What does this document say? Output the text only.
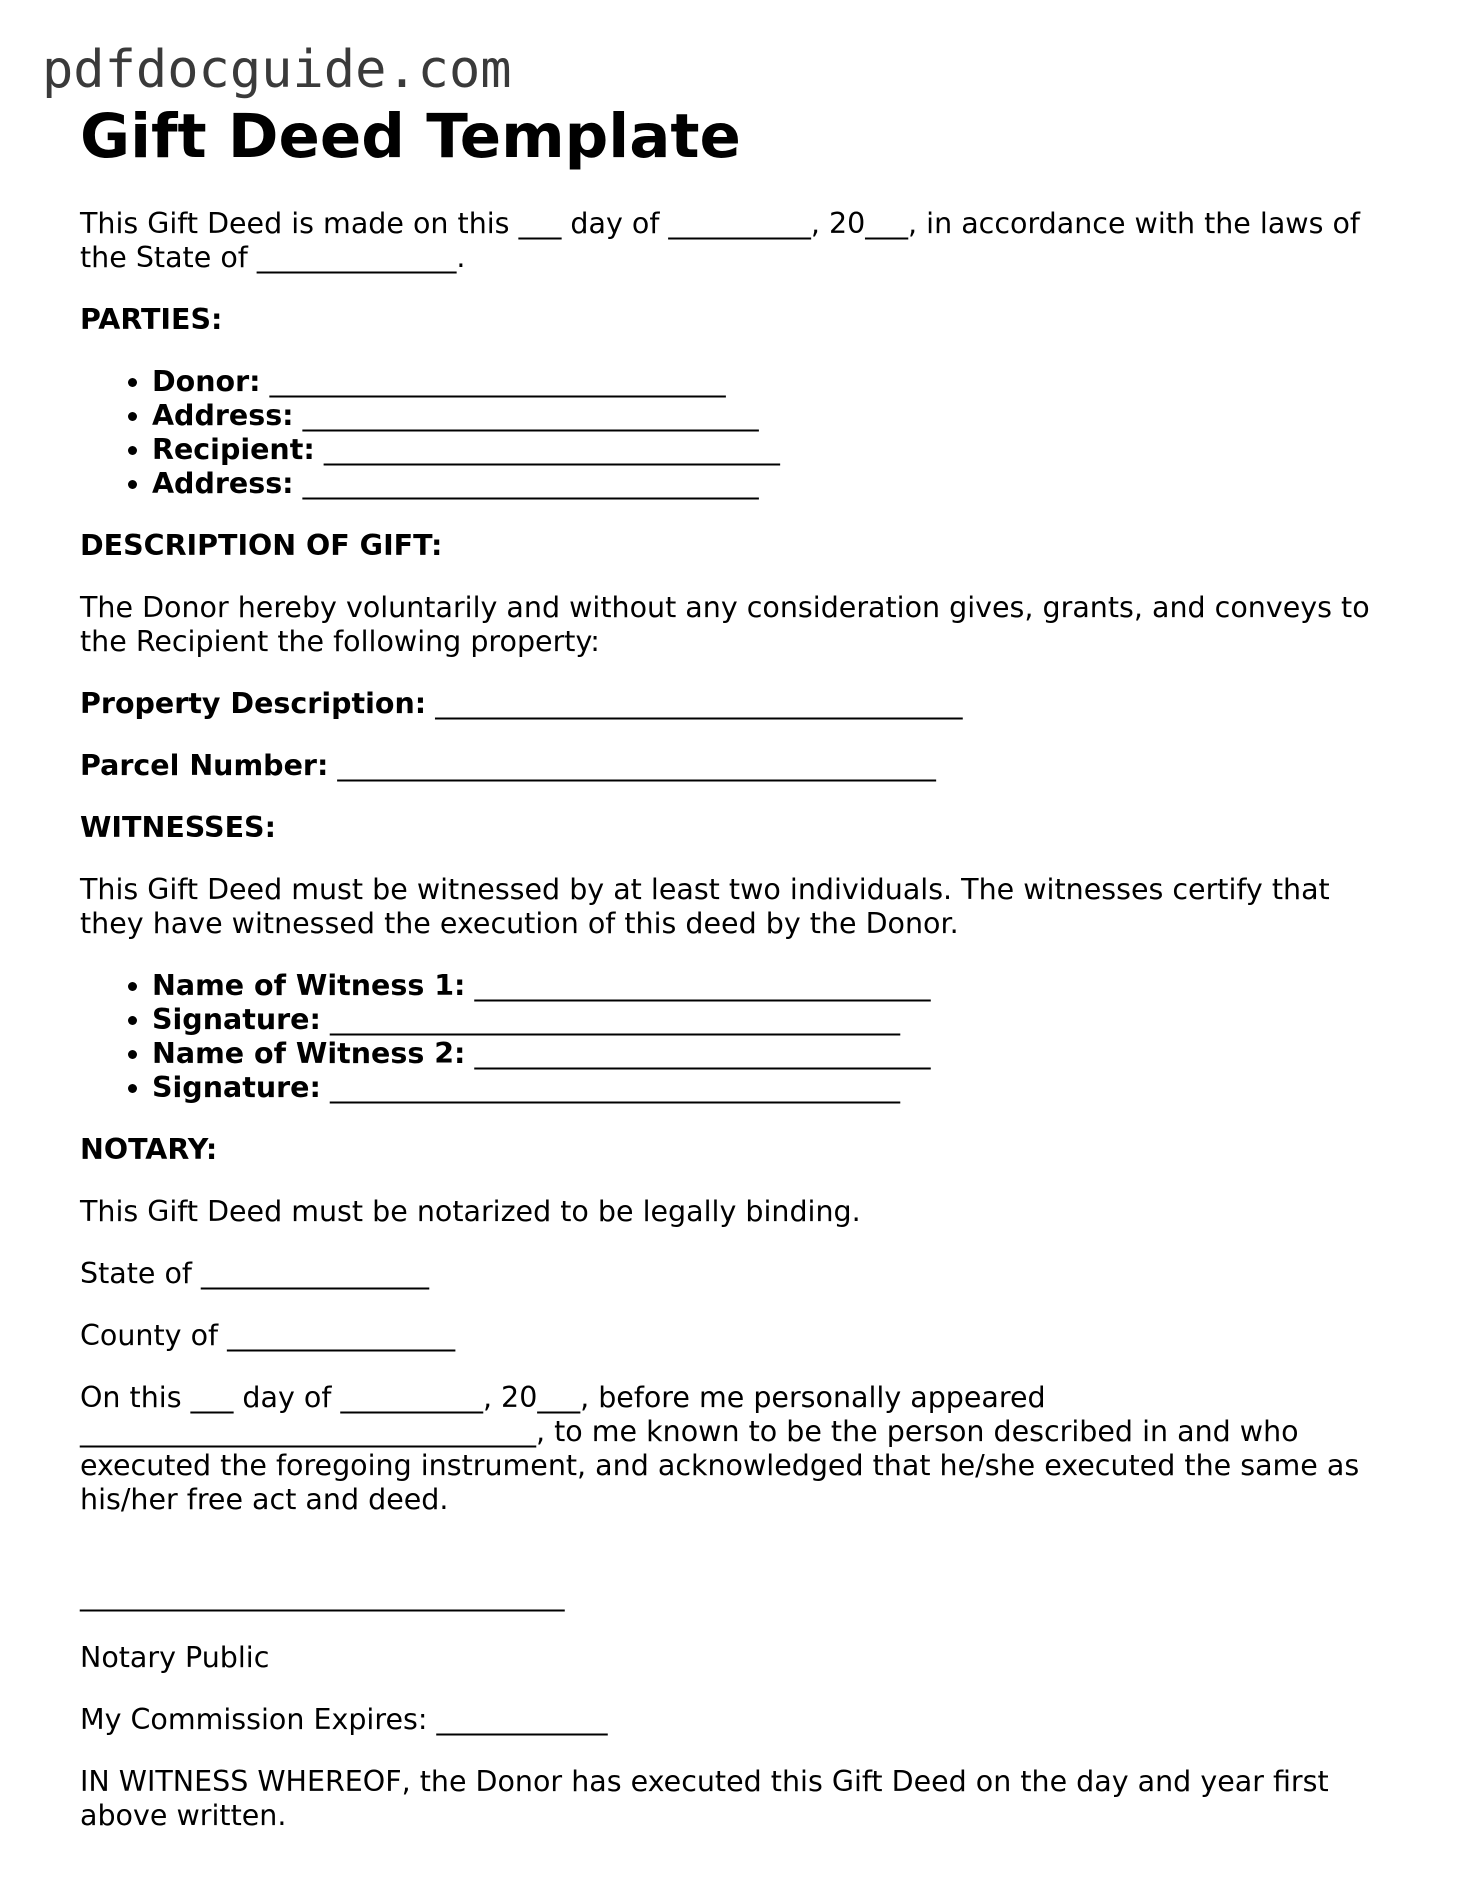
pdfdocguide.com
Gift Deed Template

This Gift Deed is made on this ___ day of __________, 20___, in accordance with the laws of the State of ______________.

PARTIES:
• Donor: ________________________________
• Address: ________________________________
• Recipient: ________________________________
• Address: ________________________________
DESCRIPTION OF GIFT:

The Donor hereby voluntarily and without any consideration gives, grants, and conveys to the Recipient the following property:

Property Description: _____________________________________

Parcel Number: __________________________________________

WITNESSES:

This Gift Deed must be witnessed by at least two individuals. The witnesses certify that they have witnessed the execution of this deed by the Donor.

• Name of Witness 1: ________________________________
• Signature: ________________________________________
• Name of Witness 2: ________________________________
• Signature: ________________________________________
NOTARY:

This Gift Deed must be notarized to be legally binding.

State of ________________

County of ________________

On this ___ day of __________, 20___, before me personally appeared ________________________________, to me known to be the person described in and who executed the foregoing instrument, and acknowledged that he/she executed the same as his/her free act and deed.

__________________________________

Notary Public

My Commission Expires: ____________

IN WITNESS WHEREOF, the Donor has executed this Gift Deed on the day and year first above written.
